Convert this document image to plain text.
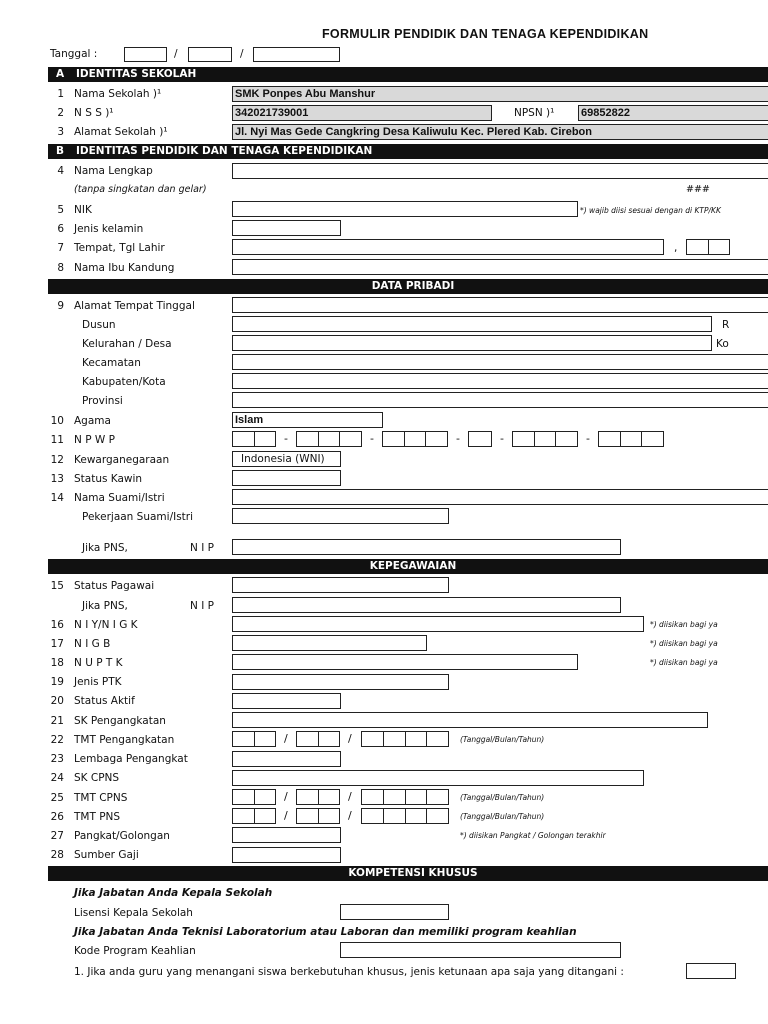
FORMULIR PENDIDIK DAN TENAGA KEPENDIDIKAN
Tanggal :	/	/
A IDENTITAS SEKOLAH
1 Nama Sekolah )¹	SMK Ponpes Abu Manshur
2 N S S )¹	342021739001	NPSN )¹ 69852822
3 Alamat Sekolah )¹	Jl. Nyi Mas Gede Cangkring Desa Kaliwulu Kec. Plered Kab. Cirebon
B IDENTITAS PENDIDIK DAN TENAGA KEPENDIDIKAN
4 Nama Lengkap
(tanpa singkatan dan gelar)	###
5 NIK	*) wajib diisi sesuai dengan di KTP/KK
6 Jenis kelamin
7 Tempat, Tgl Lahir	,
8 Nama Ibu Kandung
DATA PRIBADI
9 Alamat Tempat Tinggal
Dusun	R
Kelurahan / Desa	Ko
Kecamatan
Kabupaten/Kota
Provinsi
10 Agama	Islam
11 N P W P	-	-	-	-	-
12 Kewarganegaraan	Indonesia (WNI)
13 Status Kawin
14 Nama Suami/Istri
Pekerjaan Suami/Istri
Jika PNS,	N I P
KEPEGAWAIAN
15 Status Pagawai
Jika PNS,	N I P
16 N I Y/N I G K	*) diisikan bagi ya
17 N I G B	*) diisikan bagi ya
18 N U P T K	*) diisikan bagi ya
19 Jenis PTK
20 Status Aktif
21 SK Pengangkatan
22 TMT Pengangkatan	/	/	(Tanggal/Bulan/Tahun)
23 Lembaga Pengangkat
24 SK CPNS
25 TMT CPNS	/	/	(Tanggal/Bulan/Tahun)
26 TMT PNS	/	/	(Tanggal/Bulan/Tahun)
27 Pangkat/Golongan	*) diisikan Pangkat / Golongan terakhir
28 Sumber Gaji
KOMPETENSI KHUSUS
Jika Jabatan Anda Kepala Sekolah
Lisensi Kepala Sekolah
Jika Jabatan Anda Teknisi Laboratorium atau Laboran dan memiliki program keahlian
Kode Program Keahlian
1. Jika anda guru yang menangani siswa berkebutuhan khusus, jenis ketunaan apa saja yang ditangani :
